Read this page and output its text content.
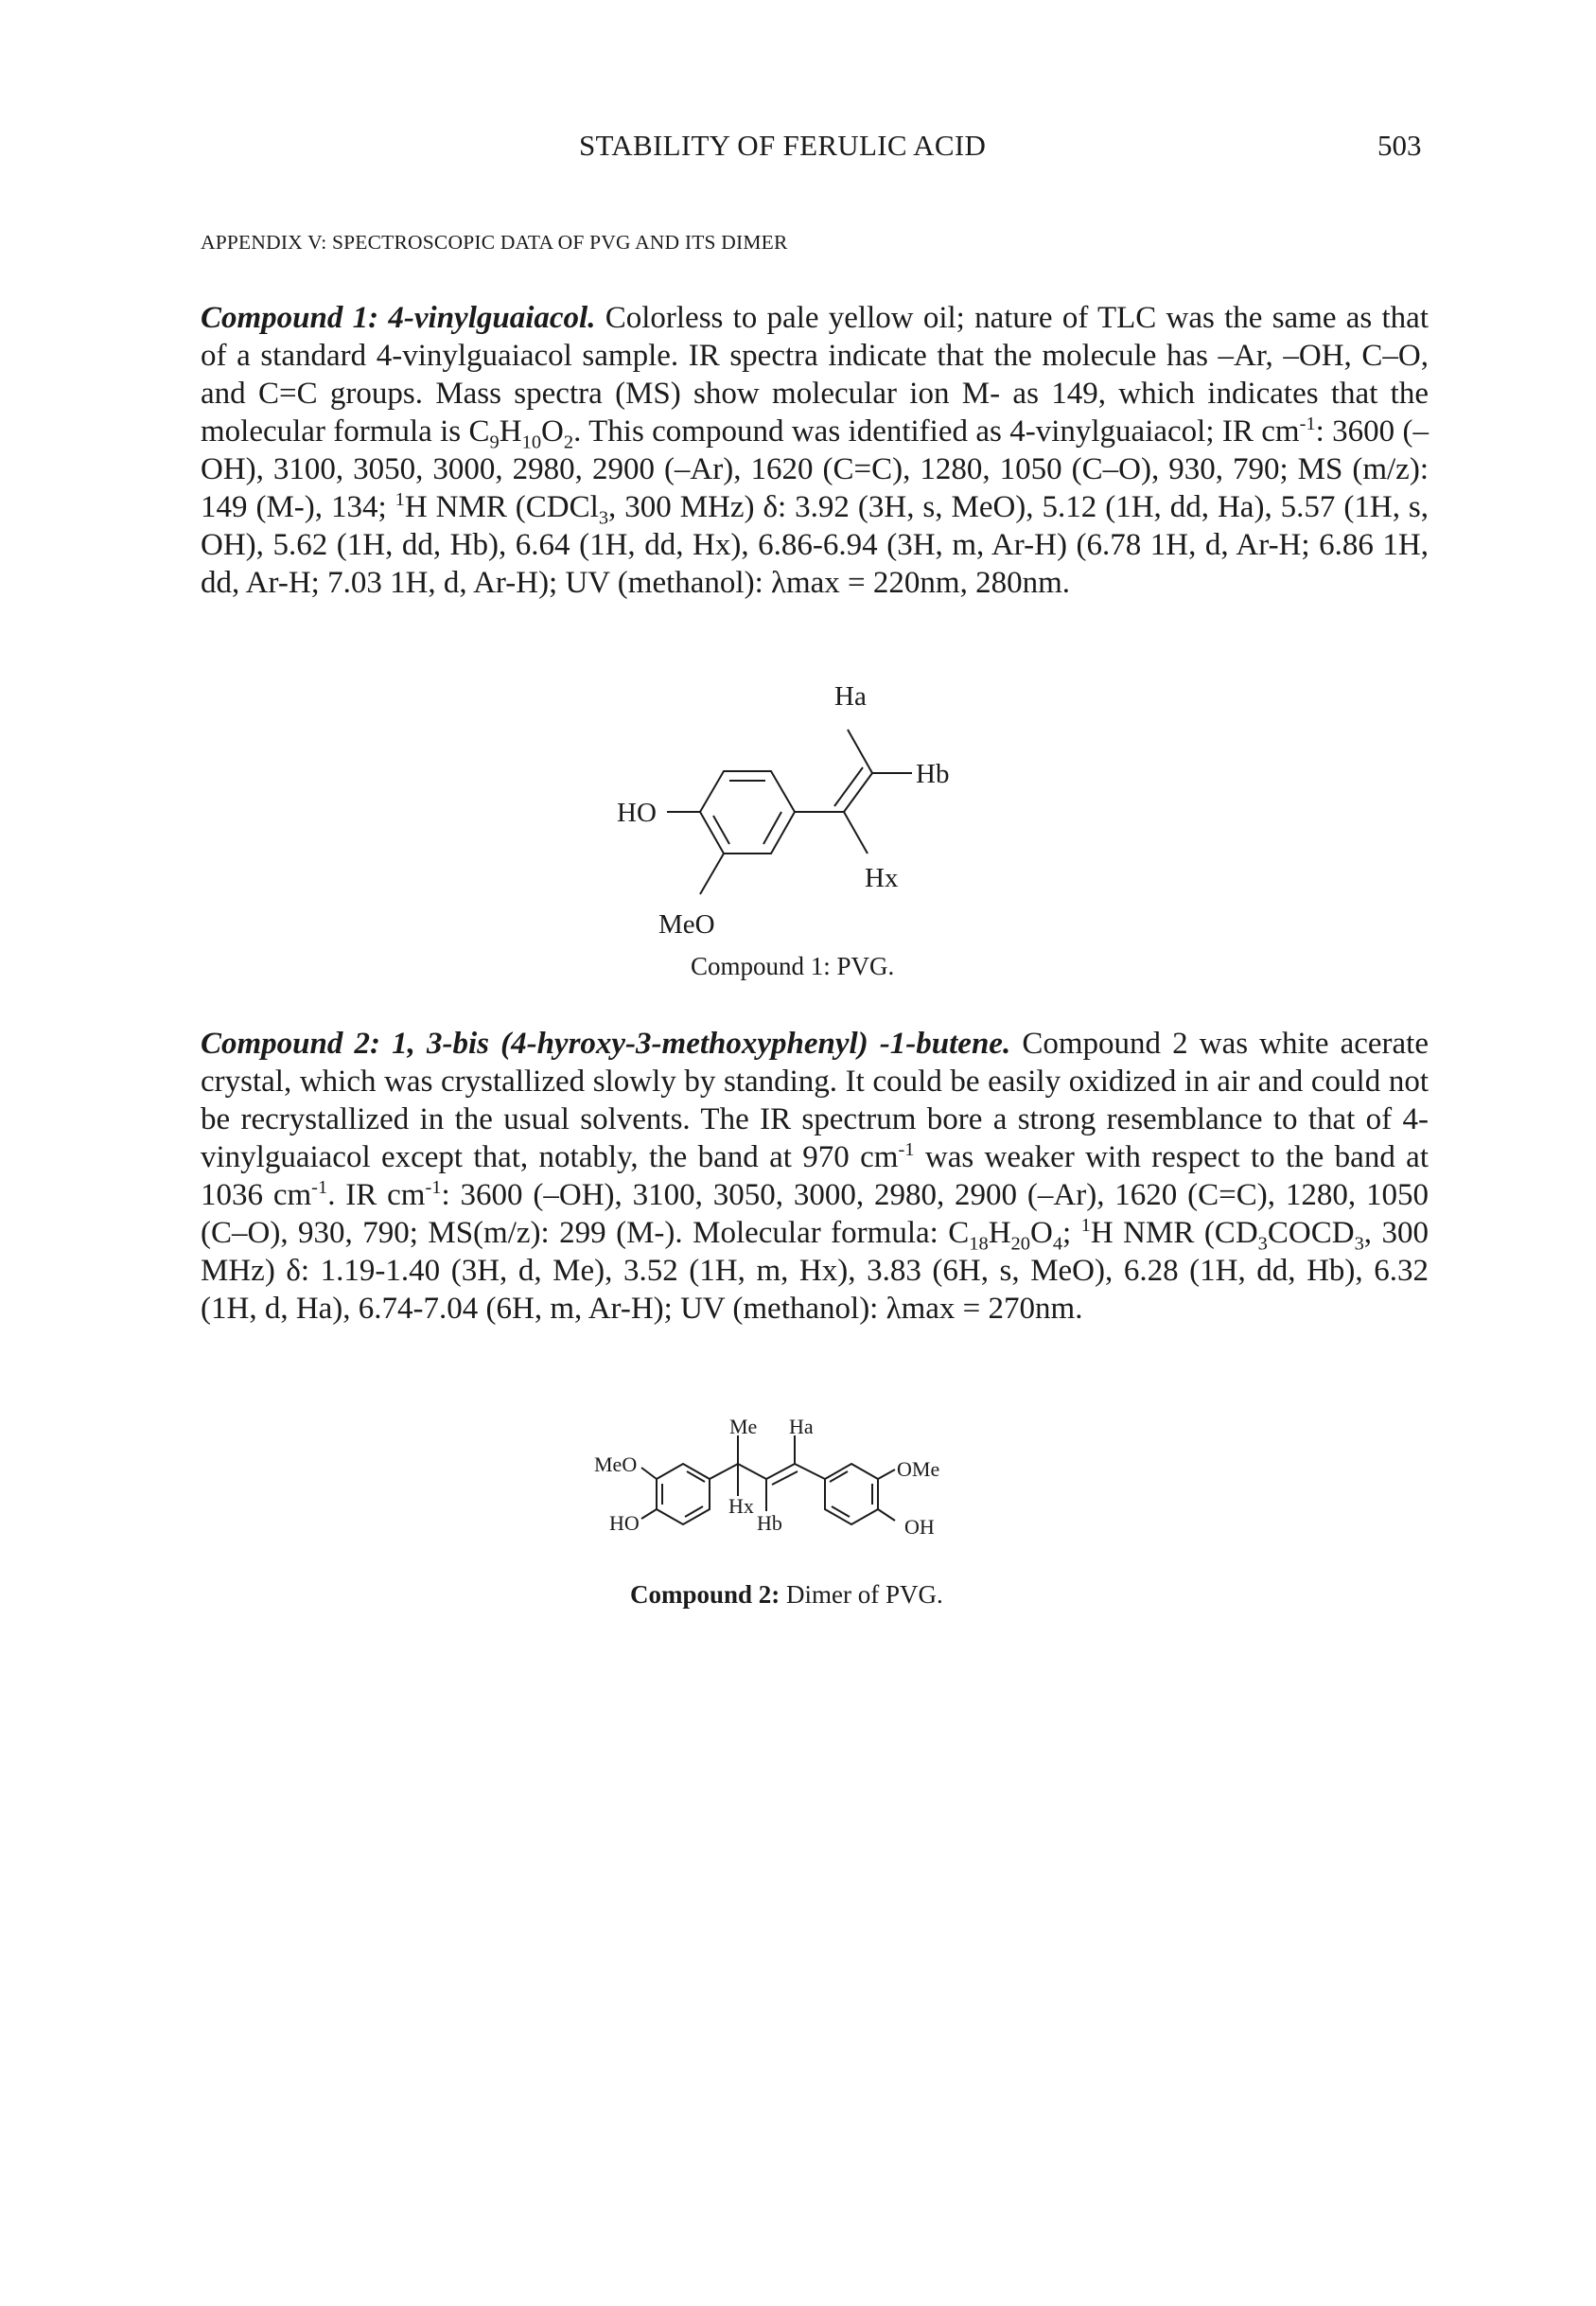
STABILITY OF FERULIC ACID	503
APPENDIX V: SPECTROSCOPIC DATA OF PVG AND ITS DIMER

Compound 1: 4-vinylguaiacol. Colorless to pale yellow oil; nature of TLC was the same as that of a standard 4-vinylguaiacol sample. IR spectra indicate that the molecule has –Ar, –OH, C–O, and C=C groups. Mass spectra (MS) show molecular ion M- as 149, which indicates that the molecular formula is $C_9H_{10}O_2$. This compound was identified as 4-vinylguaiacol; IR $cm^{-1}$: 3600 (–OH), 3100, 3050, 3000, 2980, 2900 (–Ar), 1620 (C=C), 1280, 1050 (C–O), 930, 790; MS (m/z): 149 (M-), 134; $^1$H NMR (CDCl$_3$, 300 MHz) δ: 3.92 (3H, s, MeO), 5.12 (1H, dd, Ha), 5.57 (1H, s, OH), 5.62 (1H, dd, Hb), 6.64 (1H, dd, Hx), 6.86-6.94 (3H, m, Ar-H) (6.78 1H, d, Ar-H; 6.86 1H, dd, Ar-H; 7.03 1H, d, Ar-H); UV (methanol): λmax = 220nm, 280nm.

Ha
Hb
Hx
HO
MeO
Compound 1: PVG.

Compound 2: 1, 3-bis (4-hyroxy-3-methoxyphenyl) -1-butene. Compound 2 was white acerate crystal, which was crystallized slowly by standing. It could be easily oxidized in air and could not be recrystallized in the usual solvents. The IR spectrum bore a strong resemblance to that of 4-vinylguaiacol except that, notably, the band at 970 $cm^{-1}$ was weaker with respect to the band at 1036 $cm^{-1}$. IR $cm^{-1}$: 3600 (–OH), 3100, 3050, 3000, 2980, 2900 (–Ar), 1620 (C=C), 1280, 1050 (C–O), 930, 790; MS(m/z): 299 (M-). Molecular formula: $C_{18}H_{20}O_4$; $^1$H NMR ($CD_3COCD_3$, 300 MHz) δ: 1.19-1.40 (3H, d, Me), 3.52 (1H, m, Hx), 3.83 (6H, s, MeO), 6.28 (1H, dd, Hb), 6.32 (1H, d, Ha), 6.74-7.04 (6H, m, Ar-H); UV (methanol): λmax = 270nm.

Me Ha
Hx
Hb
MeO
HO
OMe
OH
Compound 2: Dimer of PVG.
